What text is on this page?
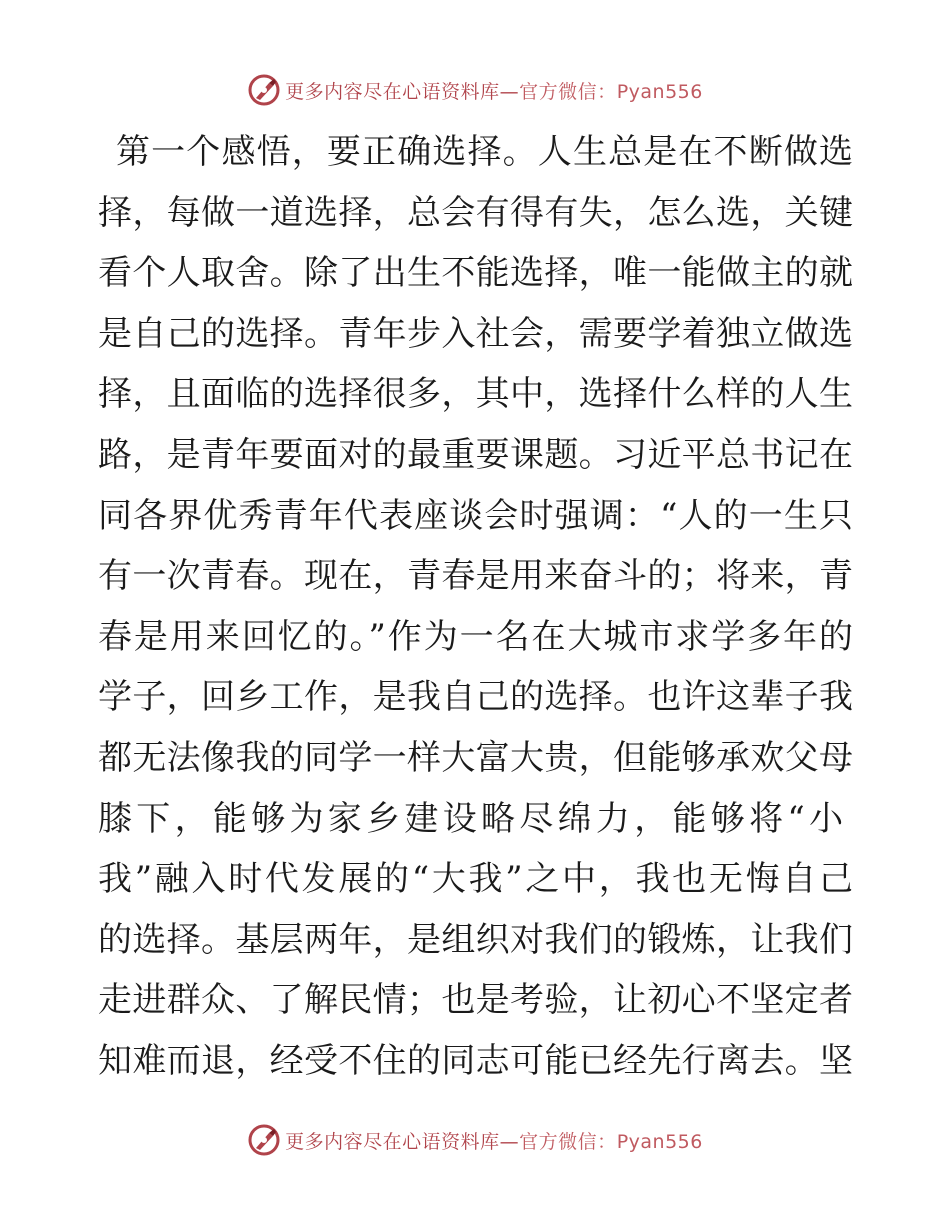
更多内容尽在心语资料库—官方微信：Pyan556
第一个感悟，要正确选择。人生总是在不断做选
择，每做一道选择，总会有得有失，怎么选，关键
看个人取舍。除了出生不能选择，唯一能做主的就
是自己的选择。青年步入社会，需要学着独立做选
择，且面临的选择很多，其中，选择什么样的人生
路，是青年要面对的最重要课题。习近平总书记在
同各界优秀青年代表座谈会时强调：“人的一生只
有一次青春。现在，青春是用来奋斗的；将来，青
春是用来回忆的。”作为一名在大城市求学多年的
学子，回乡工作，是我自己的选择。也许这辈子我
都无法像我的同学一样大富大贵，但能够承欢父母
膝下，能够为家乡建设略尽绵力，能够将“小
我”融入时代发展的“大我”之中，我也无悔自己
的选择。基层两年，是组织对我们的锻炼，让我们
走进群众、了解民情；也是考验，让初心不坚定者
知难而退，经受不住的同志可能已经先行离去。坚
更多内容尽在心语资料库—官方微信：Pyan556
